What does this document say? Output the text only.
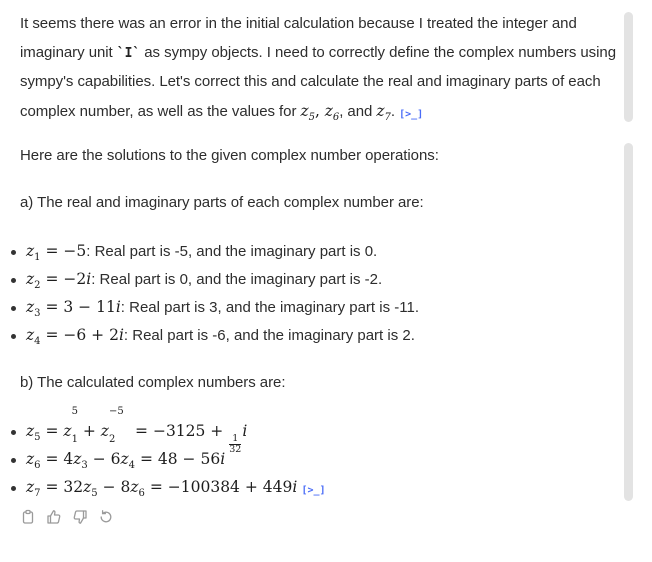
It seems there was an error in the initial calculation because I treated the integer and imaginary unit `I` as sympy objects. I need to correctly define the complex numbers using sympy's capabilities. Let's correct this and calculate the real and imaginary parts of each complex number, as well as the values for $z_5$, $z_6$, and $z_7$. [ >_ ]
Here are the solutions to the given complex number operations:
a) The real and imaginary parts of each complex number are:
$z_1 = -5$: Real part is -5, and the imaginary part is 0.
$z_2 = -2i$: Real part is 0, and the imaginary part is -2.
$z_3 = 3 - 11i$: Real part is 3, and the imaginary part is -11.
$z_4 = -6 + 2i$: Real part is -6, and the imaginary part is 2.
b) The calculated complex numbers are:
$z_5 = z$
5
$_1$ + z
−5
$_2$    = −3125 +
$\frac{1}{32}$
i
$z_6 = 4z_3 - 6z_4 = 48 - 56i$
$z_7 = 32z_5 - 8z_6 = -100384 + 449i$ [ >_ ]
